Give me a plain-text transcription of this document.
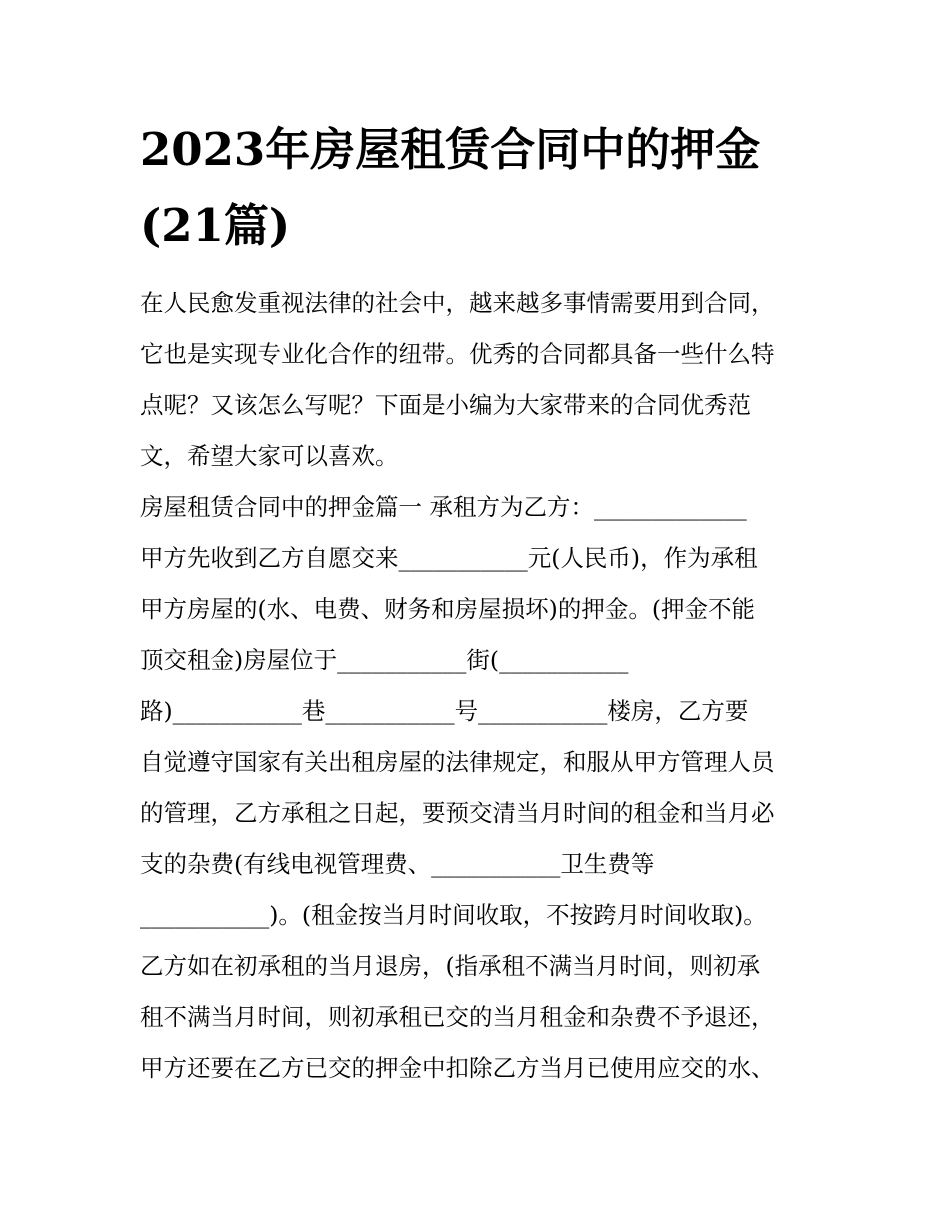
2023年房屋租赁合同中的押金
(21篇)
在人民愈发重视法律的社会中，越来越多事情需要用到合同，
它也是实现专业化合作的纽带。优秀的合同都具备一些什么特
点呢？又该怎么写呢？下面是小编为大家带来的合同优秀范
文，希望大家可以喜欢。
房屋租赁合同中的押金篇一 承租方为乙方：_____________
甲方先收到乙方自愿交来___________元(人民币)，作为承租
甲方房屋的(水、电费、财务和房屋损坏)的押金。(押金不能
顶交租金)房屋位于___________街(___________
路)___________巷___________号___________楼房，乙方要
自觉遵守国家有关出租房屋的法律规定，和服从甲方管理人员
的管理，乙方承租之日起，要预交清当月时间的租金和当月必
支的杂费(有线电视管理费、___________卫生费等
___________)。(租金按当月时间收取，不按跨月时间收取)。
乙方如在初承租的当月退房，(指承租不满当月时间，则初承
租不满当月时间，则初承租已交的当月租金和杂费不予退还，
甲方还要在乙方已交的押金中扣除乙方当月已使用应交的水、
